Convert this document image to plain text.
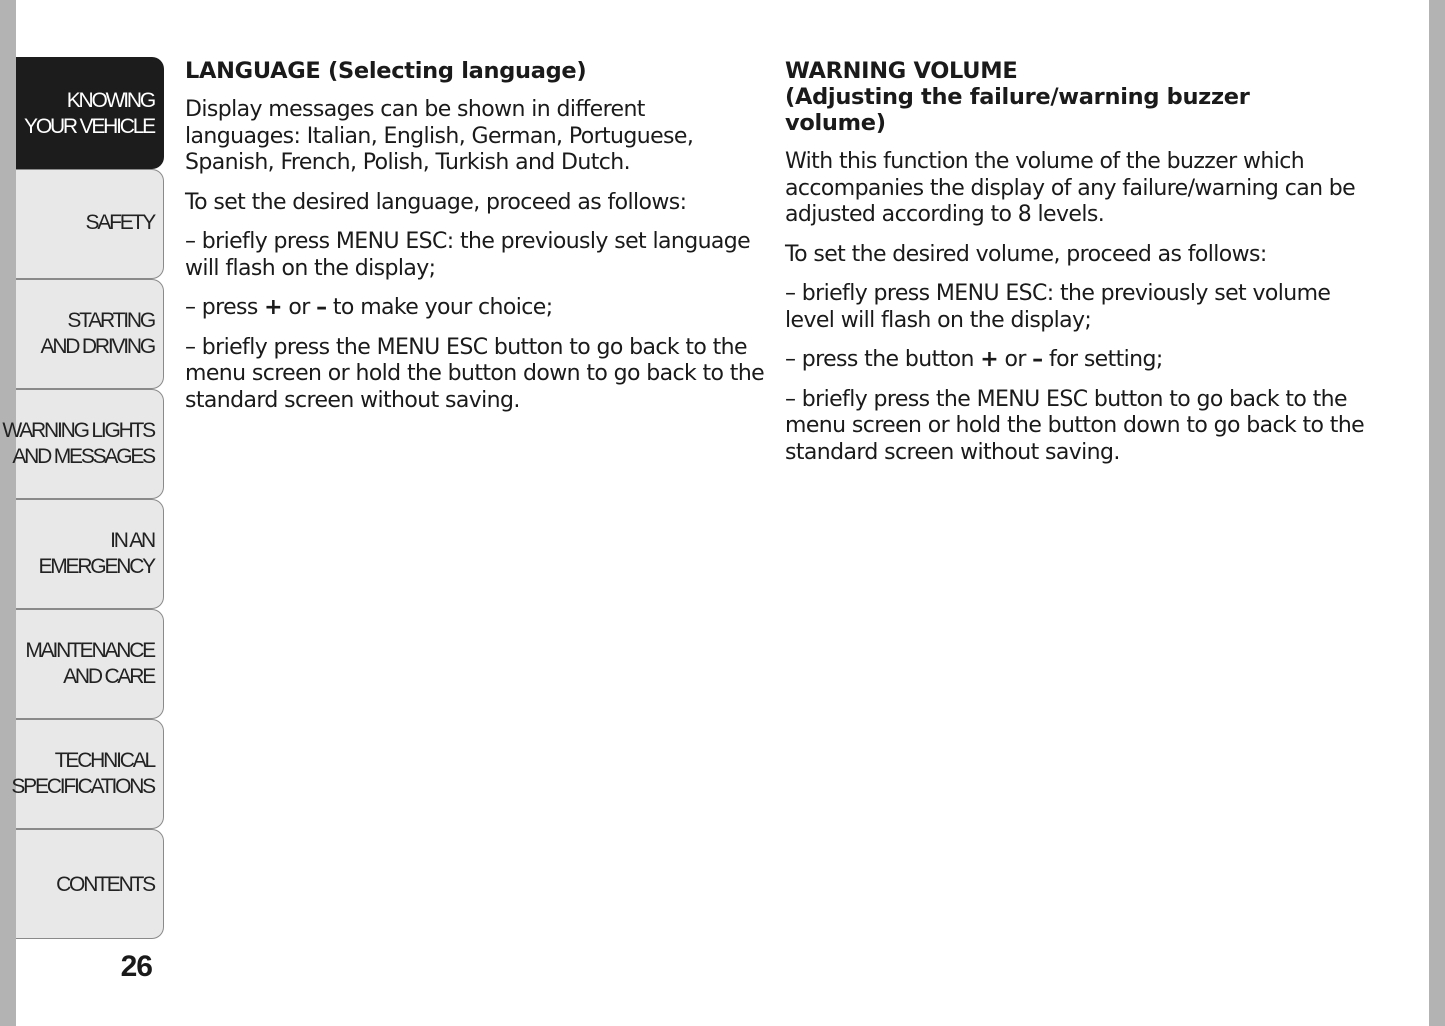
KNOWING
YOUR VEHICLE
SAFETY
STARTING
AND DRIVING
WARNING LIGHTS
AND MESSAGES
IN AN
EMERGENCY
MAINTENANCE
AND CARE
TECHNICAL
SPECIFICATIONS
CONTENTS
26
LANGUAGE (Selecting language)

Display messages can be shown in different languages: Italian, English, German, Portuguese, Spanish, French, Polish, Turkish and Dutch.

To set the desired language, proceed as follows:

– briefly press MENU ESC: the previously set language will flash on the display;

– press + or – to make your choice;

– briefly press the MENU ESC button to go back to the menu screen or hold the button down to go back to the standard screen without saving.

WARNING VOLUME
(Adjusting the failure/warning buzzer
volume)

With this function the volume of the buzzer which accompanies the display of any failure/warning can be adjusted according to 8 levels.

To set the desired volume, proceed as follows:

– briefly press MENU ESC: the previously set volume level will flash on the display;

– press the button + or – for setting;

– briefly press the MENU ESC button to go back to the menu screen or hold the button down to go back to the standard screen without saving.
